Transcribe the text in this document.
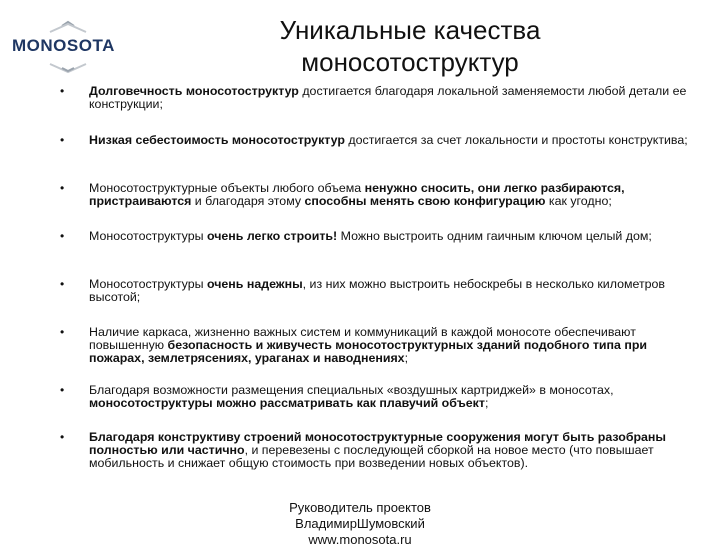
MONOSOTA
Уникальные качества
моносотоструктур
• Долговечность моносотоструктур достигается благодаря локальной заменяемости любой детали ее конструкции;
• Низкая себестоимость моносотоструктур достигается за счет локальности и простоты конструктива;
• Моносотоструктурные объекты любого объема ненужно сносить, они легко разбираются, пристраиваются и благодаря этому способны менять свою конфигурацию как угодно;
• Моносотоструктуры очень легко строить! Можно выстроить одним гаичным ключом целый дом;
• Моносотоструктуры очень надежны, из них можно выстроить небоскребы в несколько километров высотой;
• Наличие каркаса, жизненно важных систем и коммуникаций в каждой моносоте обеспечивают повышенную безопасность и живучесть моносотоструктурных зданий подобного типа при пожарах, землетрясениях, ураганах и наводнениях;
• Благодаря возможности размещения специальных «воздушных картриджей» в моносотах, моносотоструктуры можно рассматривать как плавучий объект;
• Благодаря конструктиву строений моносотоструктурные сооружения могут быть разобраны полностью или частично, и перевезены с последующей сборкой на новое место (что повышает мобильность и снижает общую стоимость при возведении новых объектов).
Руководитель проектов
ВладимирШумовский
www.monosota.ru
